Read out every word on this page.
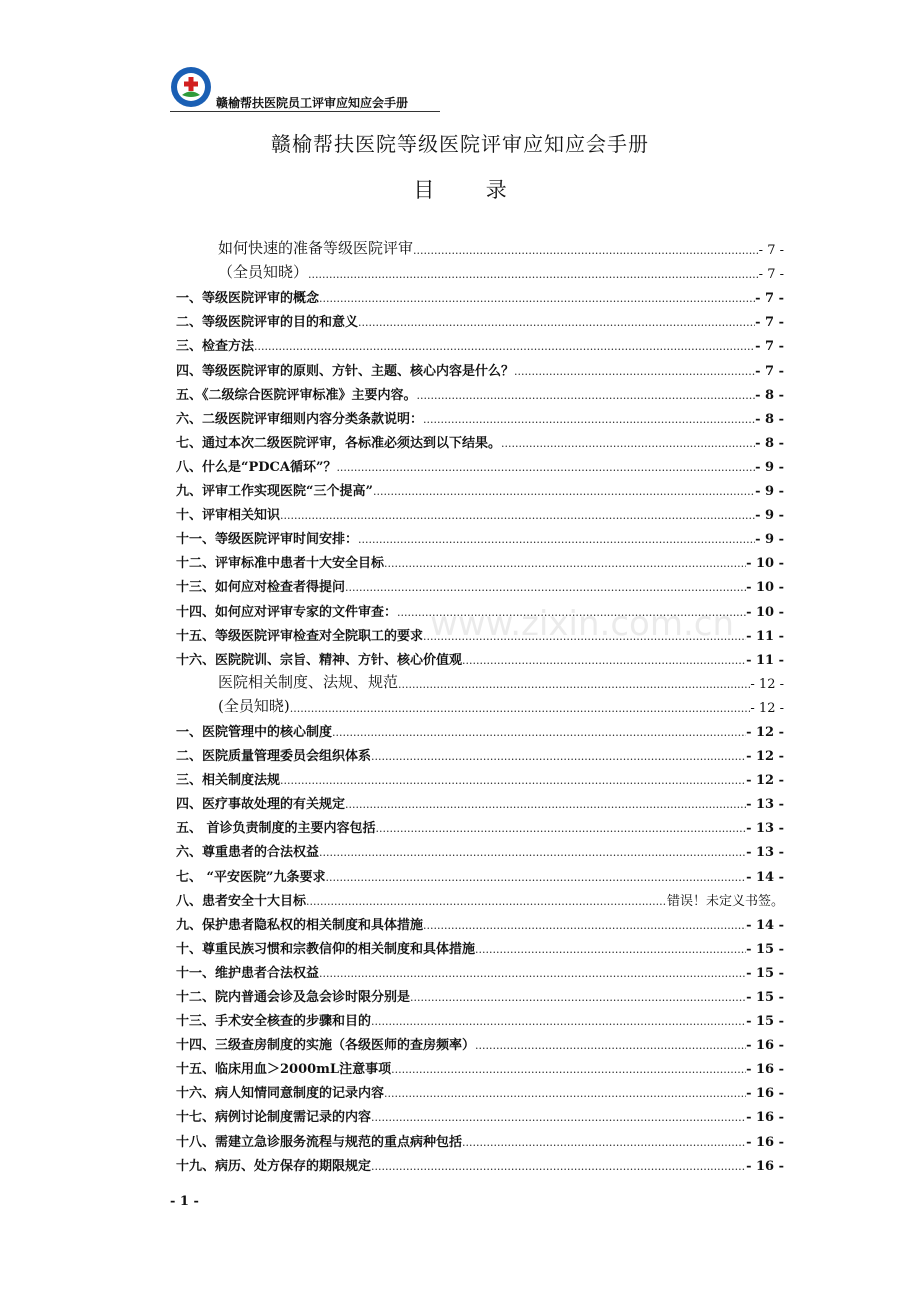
赣榆帮扶医院员工评审应知应会手册
www.zixin.com.cn
赣榆帮扶医院等级医院评审应知应会手册
目 录
如何快速的准备等级医院评审 .....	- 7 -
（全员知晓） .....	- 7 -
一、等级医院评审的概念 .....	- 7 -
二、等级医院评审的目的和意义 .....	- 7 -
三、检查方法 .....	- 7 -
四、等级医院评审的原则、方针、主题、核心内容是什么？ .....	- 7 -
五、《二级综合医院评审标准》主要内容。 .....	- 8 -
六、二级医院评审细则内容分类条款说明： .....	- 8 -
七、通过本次二级医院评审，各标准必须达到以下结果。 .....	- 8 -
八、什么是“PDCA循环”？ .....	- 9 -
九、评审工作实现医院“三个提高” .....	- 9 -
十、评审相关知识 .....	- 9 -
十一、等级医院评审时间安排： .....	- 9 -
十二、评审标准中患者十大安全目标 .....	- 10 -
十三、如何应对检查者得提问 .....	- 10 -
十四、如何应对评审专家的文件审查： .....	- 10 -
十五、等级医院评审检查对全院职工的要求 .....	- 11 -
十六、医院院训、宗旨、精神、方针、核心价值观 .....	- 11 -
医院相关制度、法规、规范 .....	- 12 -
(全员知晓) .....	- 12 -
一、医院管理中的核心制度 .....	- 12 -
二、医院质量管理委员会组织体系 .....	- 12 -
三、相关制度法规 .....	- 12 -
四、医疗事故处理的有关规定 .....	- 13 -
五、 首诊负责制度的主要内容包括 .....	- 13 -
六、尊重患者的合法权益 .....	- 13 -
七、 “平安医院”九条要求 .....	- 14 -
八、患者安全十大目标 .....	错误！未定义书签。
九、保护患者隐私权的相关制度和具体措施 .....	- 14 -
十、尊重民族习惯和宗教信仰的相关制度和具体措施 .....	- 15 -
十一、维护患者合法权益 .....	- 15 -
十二、院内普通会诊及急会诊时限分别是 .....	- 15 -
十三、手术安全核查的步骤和目的 .....	- 15 -
十四、三级查房制度的实施（各级医师的查房频率） .....	- 16 -
十五、临床用血＞2000mL注意事项 .....	- 16 -
十六、病人知情同意制度的记录内容 .....	- 16 -
十七、病例讨论制度需记录的内容 .....	- 16 -
十八、需建立急诊服务流程与规范的重点病种包括 .....	- 16 -
十九、病历、处方保存的期限规定 .....	- 16 -
- 1 -
